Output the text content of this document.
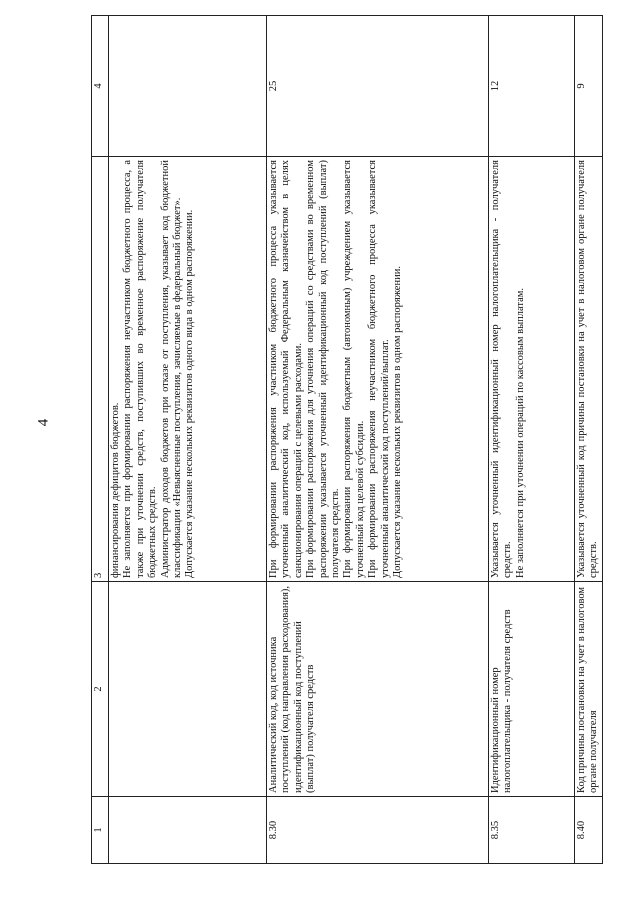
4
1	2	3	4

		финансирования дефицитов бюджетов. Не заполняется при формировании распоряжения неучастником бюджетного процесса, а также при уточнении средств, поступивших во временное распоряжение получателя бюджетных средств. Администратор доходов бюджетов при отказе от поступления, указывает код бюджетной классификации «Невыясненные поступления, зачисляемые в федеральный бюджет». Допускается указание нескольких реквизитов одного вида в одном распоряжении.	

8.30	Аналитический код, код источника поступлений (код направления расходования), идентификационный код поступлений (выплат) получателя средств	При формировании распоряжения участником бюджетного процесса указывается уточненный аналитический код, используемый Федеральным казначейством в целях санкционирования операций с целевыми расходами. При формировании распоряжения для уточнения операций со средствами во временном распоряжении указывается уточненный идентификационный код поступлений (выплат) получателя средств. При формировании распоряжения бюджетным (автономным) учреждением указывается уточненный код целевой субсидии. При формировании распоряжения неучастником бюджетного процесса указывается уточненный аналитический код поступлений/выплат. Допускается указание нескольких реквизитов в одном распоряжении.	25
8.35	Идентификационный номер налогоплательщика - получателя средств	Указывается уточненный идентификационный номер налогоплательщика - получателя средств. Не заполняется при уточнении операций по кассовым выплатам.	12
8.40	Код причины постановки на учет в налоговом органе получателя	Указывается уточненный код причины постановки на учет в налоговом органе получателя средств.	9
